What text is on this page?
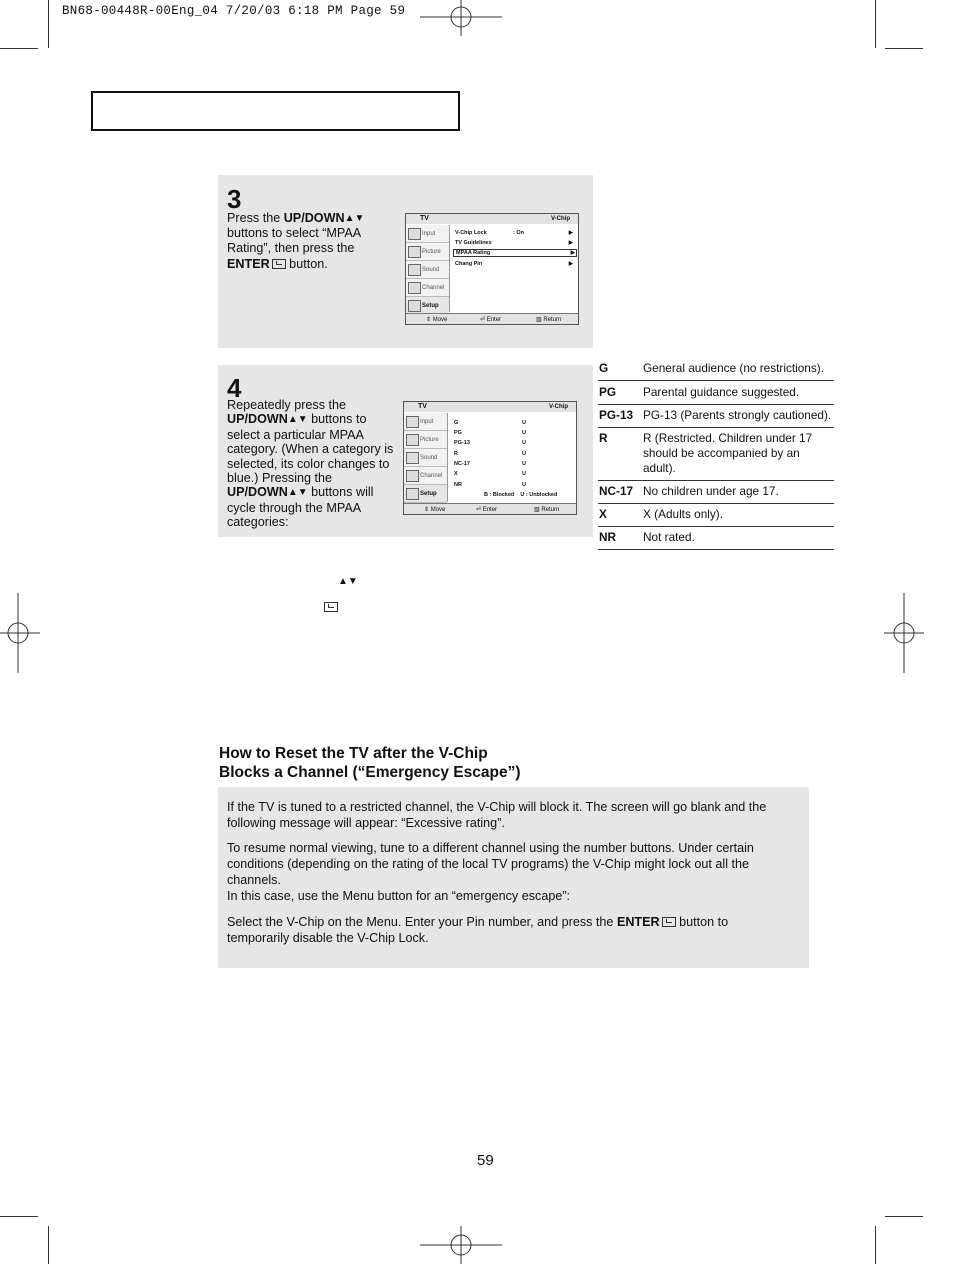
BN68-00448R-00Eng_04 7/20/03 6:18 PM Page 59
3
Press the UP/DOWN▲▼ buttons to select “MPAA Rating”, then press the ENTER button.
TV	V-Chip
Input
Picture
Sound
Channel
Setup
V-Chip Lock	: On	▶
TV Guidelines	▶
MPAA Rating	▶
Chang Pin	▶
⇕ Move	⏎ Enter	▥ Return
4
Repeatedly press the UP/DOWN▲▼ buttons to select a particular MPAA category. (When a category is selected, its color changes to blue.) Pressing the UP/DOWN▲▼ buttons will cycle through the MPAA categories:
TV	V-Chip
Input
Picture
Sound
Channel
Setup
G	U
PG	U
PG-13	U
R	U
NC-17	U
X	U
NR	U
B : Blocked    U : Unblocked
⇕ Move	⏎ Enter	▥ Return
G	General audience (no restrictions).
PG Parental guidance suggested.
PG-13 PG-13 (Parents strongly cautioned).
R	R (Restricted. Children under 17 should be accompanied by an adult).
NC-17 No children under age 17.
X	X (Adults only).
NR Not rated.
▲▼
How to Reset the TV after the V-Chip
Blocks a Channel (“Emergency Escape”)
If the TV is tuned to a restricted channel, the V-Chip will block it. The screen will go blank and the following message will appear: “Excessive rating”.
To resume normal viewing, tune to a different channel using the number buttons. Under certain conditions (depending on the rating of the local TV programs) the V-Chip might lock out all the channels.
In this case, use the Menu button for an “emergency escape”:
Select the V-Chip on the Menu. Enter your Pin number, and press the ENTER button to temporarily disable the V-Chip Lock.
59
